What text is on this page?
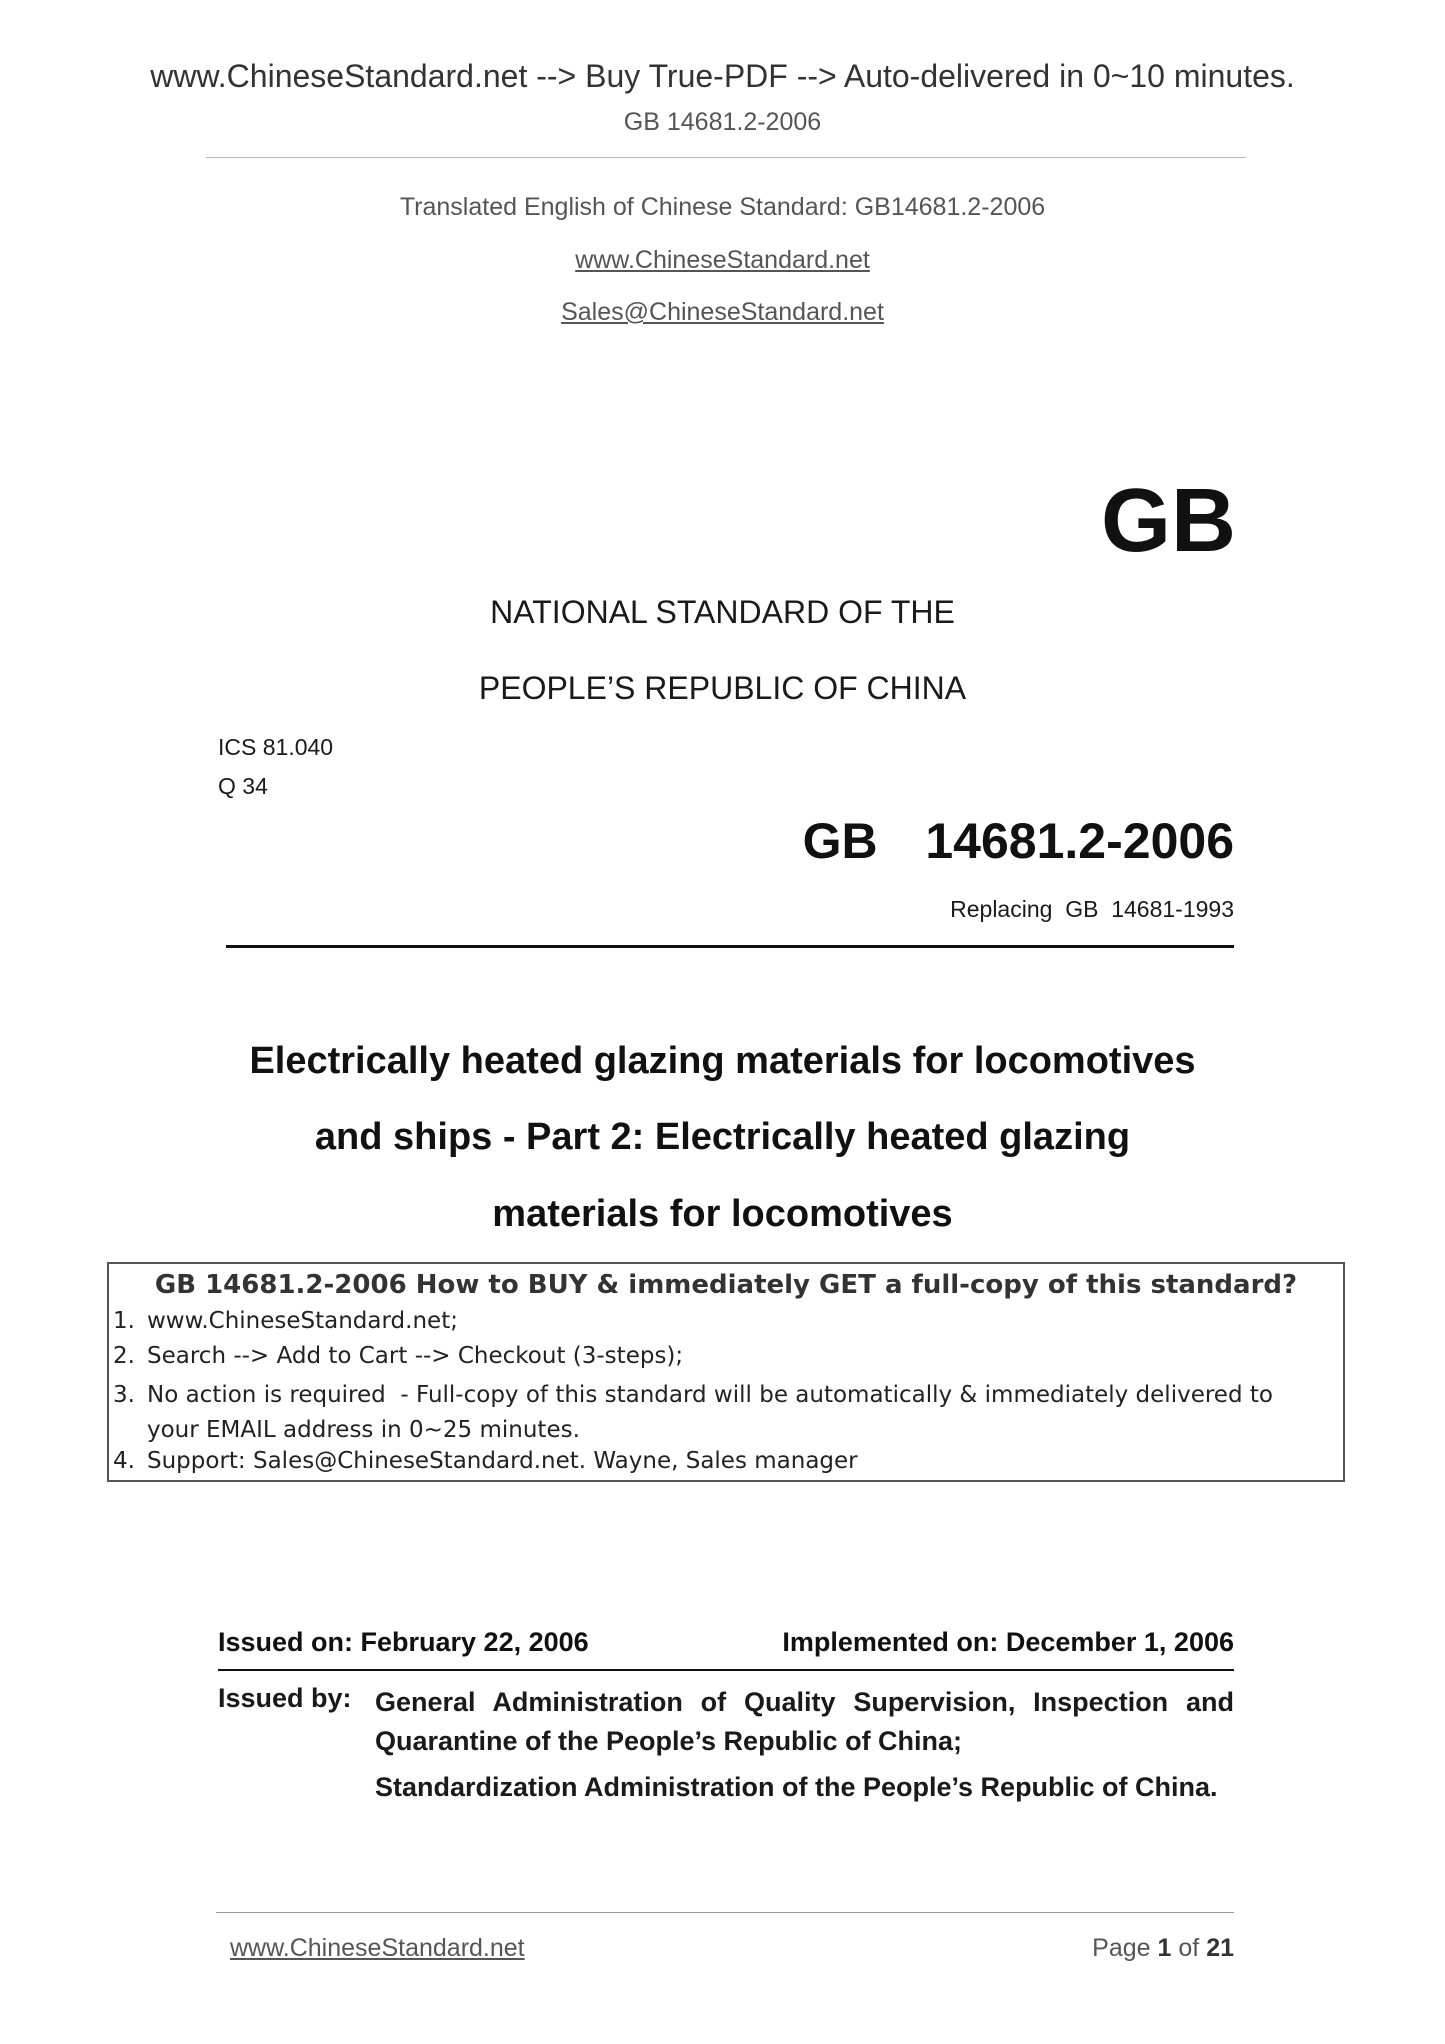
www.ChineseStandard.net --> Buy True-PDF --> Auto-delivered in 0~10 minutes.
GB 14681.2-2006
Translated English of Chinese Standard: GB14681.2-2006
www.ChineseStandard.net
Sales@ChineseStandard.net
GB
NATIONAL STANDARD OF THE
PEOPLE’S REPUBLIC OF CHINA
ICS 81.040
Q 34
GB  14681.2-2006
Replacing  GB  14681-1993
Electrically heated glazing materials for locomotives
and ships - Part 2: Electrically heated glazing
materials for locomotives
GB 14681.2-2006 How to BUY & immediately GET a full-copy of this standard?
1. www.ChineseStandard.net;
2. Search --> Add to Cart --> Checkout (3-steps);
3. No action is required  - Full-copy of this standard will be automatically & immediately delivered to
your EMAIL address in 0~25 minutes.
4. Support: Sales@ChineseStandard.net. Wayne, Sales manager
Issued on: February 22, 2006	Implemented on: December 1, 2006
Issued by: General Administration of Quality Supervision, Inspection and Quarantine of the People’s Republic of China;
Standardization Administration of the People’s Republic of China.
www.ChineseStandard.net	Page 1 of 21
